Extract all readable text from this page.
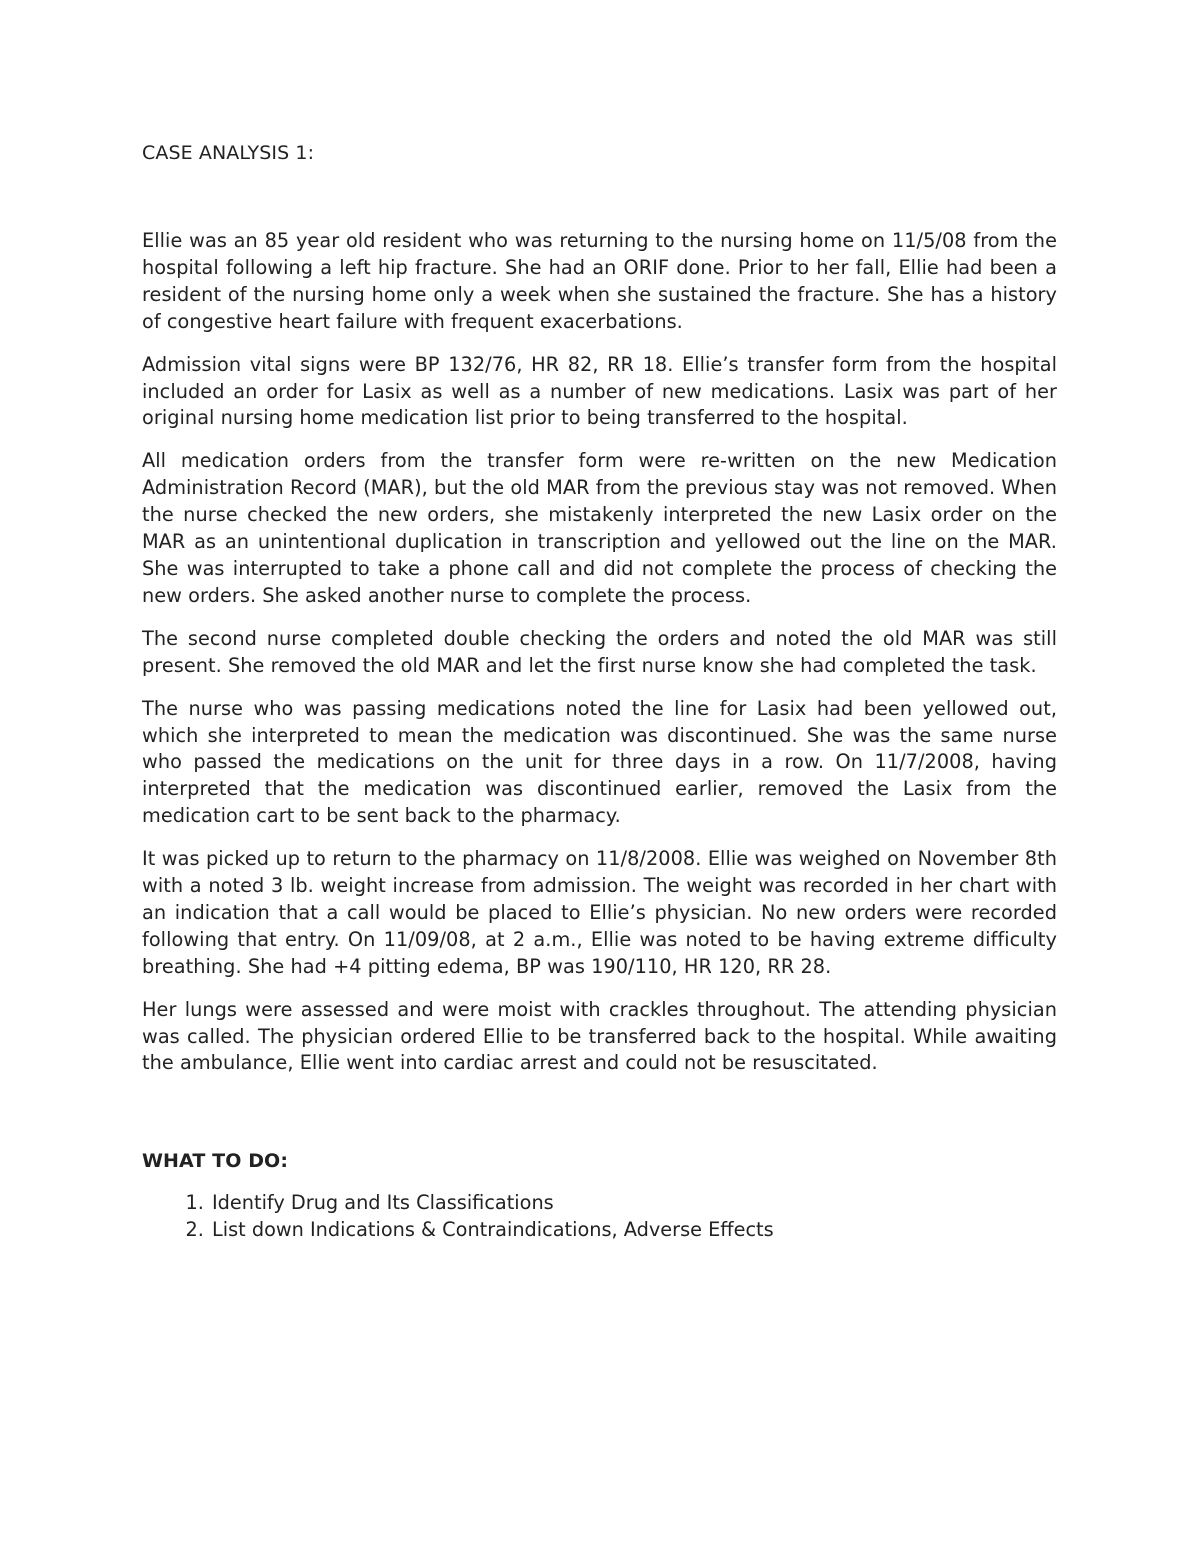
CASE ANALYSIS 1:

Ellie was an 85 year old resident who was returning to the nursing home on 11/5/08 from the hospital following a left hip fracture. She had an ORIF done. Prior to her fall, Ellie had been a resident of the nursing home only a week when she sustained the fracture. She has a history of congestive heart failure with frequent exacerbations.

Admission vital signs were BP 132/76, HR 82, RR 18. Ellie’s transfer form from the hospital included an order for Lasix as well as a number of new medications. Lasix was part of her original nursing home medication list prior to being transferred to the hospital.

All medication orders from the transfer form were re-written on the new Medication Administration Record (MAR), but the old MAR from the previous stay was not removed. When the nurse checked the new orders, she mistakenly interpreted the new Lasix order on the MAR as an unintentional duplication in transcription and yellowed out the line on the MAR. She was interrupted to take a phone call and did not complete the process of checking the new orders. She asked another nurse to complete the process.

The second nurse completed double checking the orders and noted the old MAR was still present. She removed the old MAR and let the first nurse know she had completed the task.

The nurse who was passing medications noted the line for Lasix had been yellowed out, which she interpreted to mean the medication was discontinued. She was the same nurse who passed the medications on the unit for three days in a row. On 11/7/2008, having interpreted that the medication was discontinued earlier, removed the Lasix from the medication cart to be sent back to the pharmacy.

It was picked up to return to the pharmacy on 11/8/2008. Ellie was weighed on November 8th with a noted 3 lb. weight increase from admission. The weight was recorded in her chart with an indication that a call would be placed to Ellie’s physician. No new orders were recorded following that entry. On 11/09/08, at 2 a.m., Ellie was noted to be having extreme difficulty breathing. She had +4 pitting edema, BP was 190/110, HR 120, RR 28.

Her lungs were assessed and were moist with crackles throughout. The attending physician was called. The physician ordered Ellie to be transferred back to the hospital. While awaiting the ambulance, Ellie went into cardiac arrest and could not be resuscitated.

WHAT TO DO:
1. Identify Drug and Its Classifications
2. List down Indications & Contraindications, Adverse Effects
